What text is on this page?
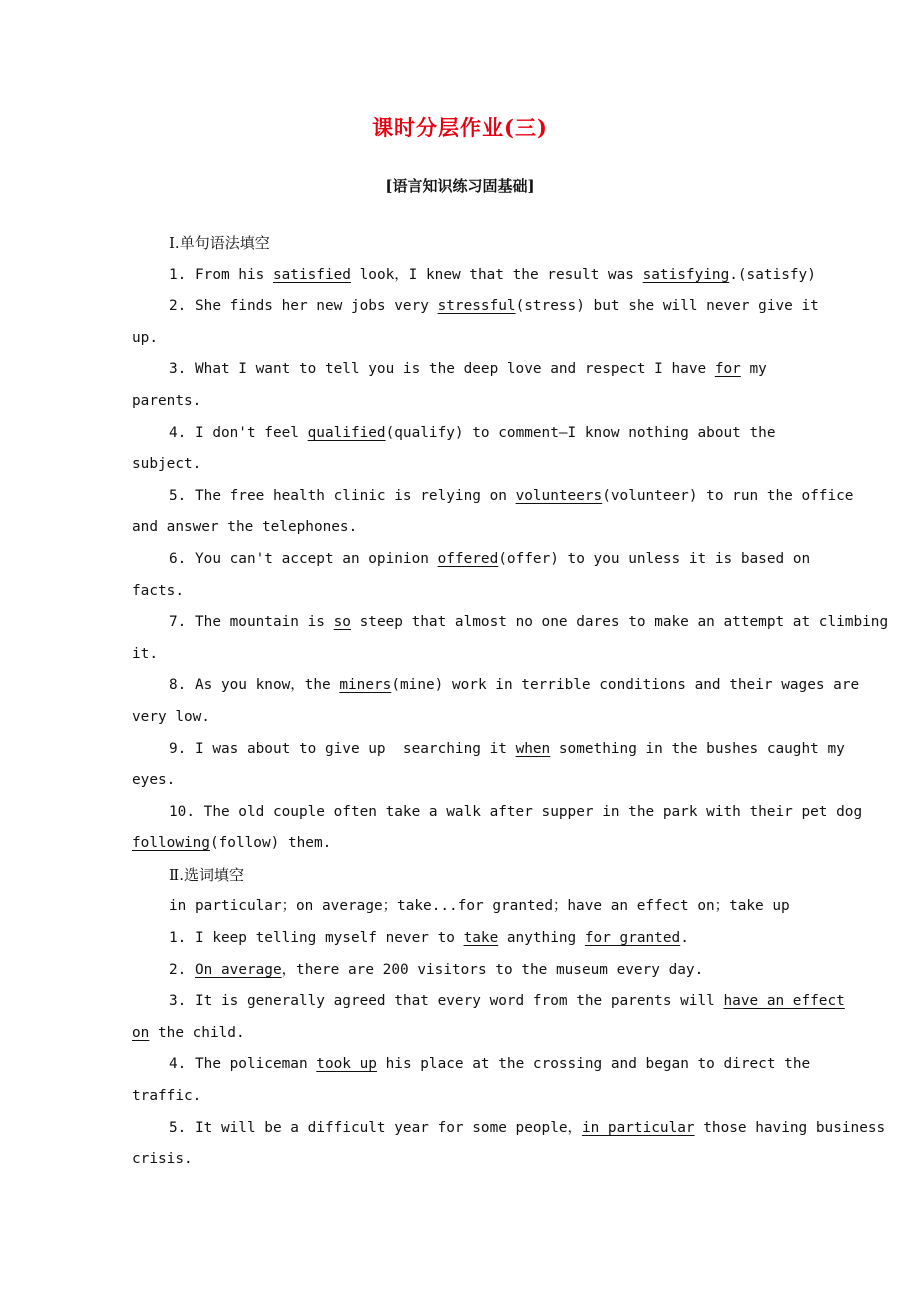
课时分层作业(三)
[语言知识练习固基础]
Ⅰ.单句语法填空
1. From his satisfied look，I knew that the result was satisfying.(satisfy)
2. She finds her new jobs very stressful(stress) but she will never give it
up.
3. What I want to tell you is the deep love and respect I have for my
parents.
4. I don't feel qualified(qualify) to comment—I know nothing about the
subject.
5. The free health clinic is relying on volunteers(volunteer) to run the office
and answer the telephones.
6. You can't accept an opinion offered(offer) to you unless it is based on
facts.
7. The mountain is so steep that almost no one dares to make an attempt at climbing
it.
8. As you know，the miners(mine) work in terrible conditions and their wages are
very low.
9. I was about to give up  searching it when something in the bushes caught my
eyes.
10. The old couple often take a walk after supper in the park with their pet dog
following(follow) them.
Ⅱ.选词填空
in particular；on average；take...for granted；have an effect on；take up
1. I keep telling myself never to take anything for granted.
2. On average，there are 200 visitors to the museum every day.
3. It is generally agreed that every word from the parents will have an effect
on the child.
4. The policeman took up his place at the crossing and began to direct the
traffic.
5. It will be a difficult year for some people，in particular those having business
crisis.
